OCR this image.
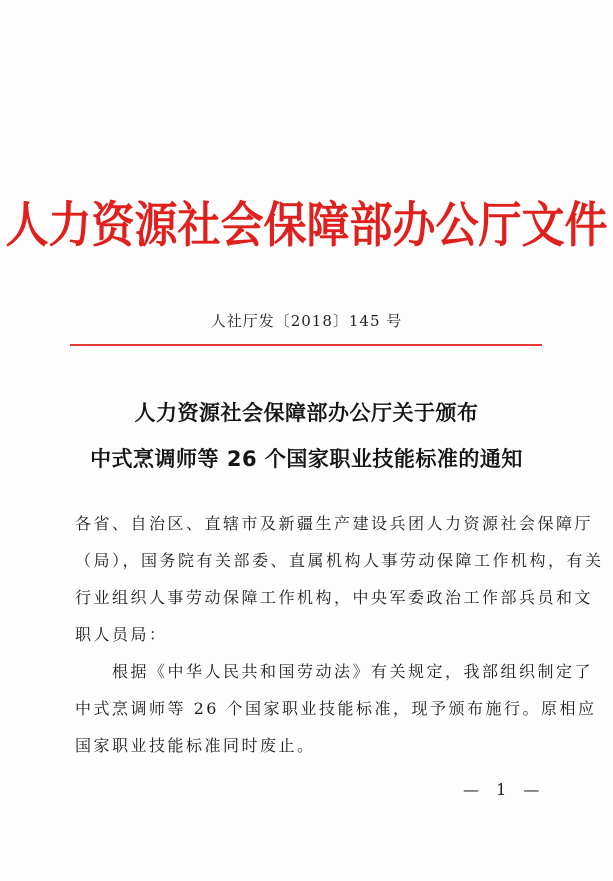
人力资源社会保障部办公厅文件
人社厅发〔2018〕145 号
人力资源社会保障部办公厅关于颁布
中式烹调师等 26 个国家职业技能标准的通知
各省、自治区、直辖市及新疆生产建设兵团人力资源社会保障厅
（局），国务院有关部委、直属机构人事劳动保障工作机构，有关
行业组织人事劳动保障工作机构，中央军委政治工作部兵员和文
职人员局：
　　根据《中华人民共和国劳动法》有关规定，我部组织制定了
中式烹调师等 26 个国家职业技能标准，现予颁布施行。原相应
国家职业技能标准同时废止。
— 1 —
